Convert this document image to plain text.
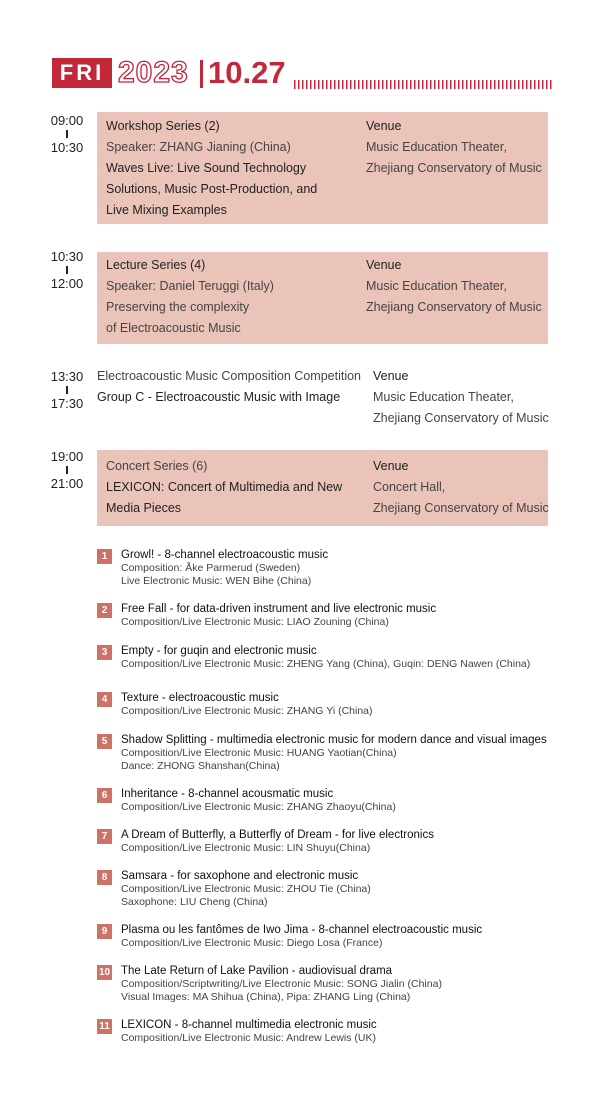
FRI 2023 10.27
09:00
10:30
Workshop Series (2)
Speaker: ZHANG Jianing (China)
Waves Live: Live Sound Technology
Solutions, Music Post-Production, and
Live Mixing Examples
Venue
Music Education Theater,
Zhejiang Conservatory of Music
10:30
12:00
Lecture Series (4)
Speaker: Daniel Teruggi (Italy)
Preserving the complexity
of Electroacoustic Music
Venue
Music Education Theater,
Zhejiang Conservatory of Music
13:30
17:30
Electroacoustic Music Composition Competition
Group C - Electroacoustic Music with Image
Venue
Music Education Theater,
Zhejiang Conservatory of Music
19:00
21:00
Concert Series (6)
LEXICON: Concert of Multimedia and New
Media Pieces
Venue
Concert Hall,
Zhejiang Conservatory of Music
1	Growl! - 8-channel electroacoustic music
Composition: Åke Parmerud (Sweden)
Live Electronic Music: WEN Bihe (China)
2	Free Fall - for data-driven instrument and live electronic music
Composition/Live Electronic Music: LIAO Zouning (China)
3	Empty - for guqin and electronic music
Composition/Live Electronic Music: ZHENG Yang (China), Guqin: DENG Nawen (China)
4	Texture - electroacoustic music
Composition/Live Electronic Music: ZHANG Yi (China)
5	Shadow Splitting - multimedia electronic music for modern dance and visual images
Composition/Live Electronic Music: HUANG Yaotian(China)
Dance: ZHONG Shanshan(China)
6	Inheritance - 8-channel acousmatic music
Composition/Live Electronic Music: ZHANG Zhaoyu(China)
7	A Dream of Butterfly, a Butterfly of Dream - for live electronics
Composition/Live Electronic Music: LIN Shuyu(China)
8	Samsara - for saxophone and electronic music
Composition/Live Electronic Music: ZHOU Tie (China)
Saxophone: LIU Cheng (China)
9	Plasma ou les fantômes de Iwo Jima - 8-channel electroacoustic music
Composition/Live Electronic Music: Diego Losa (France)
10 The Late Return of Lake Pavilion - audiovisual drama
Composition/Scriptwriting/Live Electronic Music: SONG Jialin (China)
Visual Images: MA Shihua (China), Pipa: ZHANG Ling (China)
11 LEXICON - 8-channel multimedia electronic music
Composition/Live Electronic Music: Andrew Lewis (UK)
